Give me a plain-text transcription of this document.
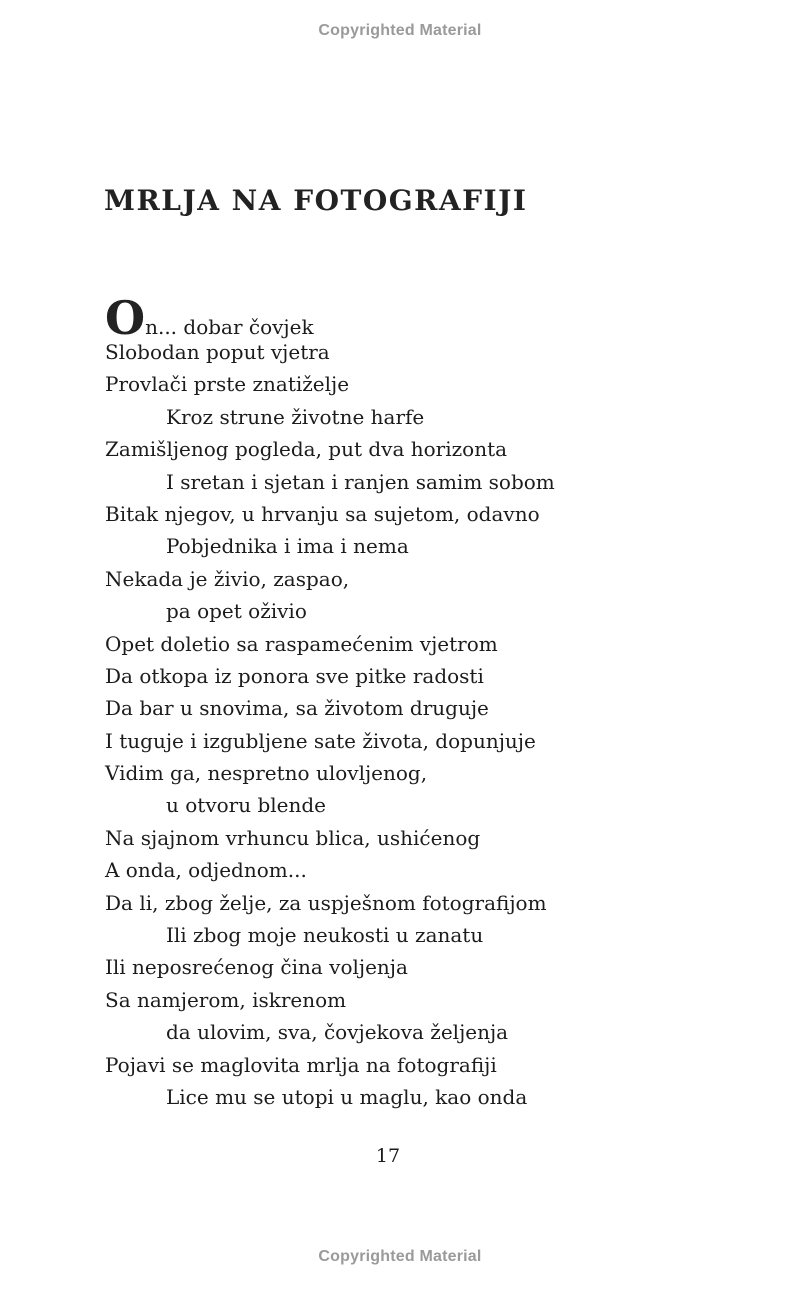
Copyrighted Material
MRLJA NA FOTOGRAFIJI
On... dobar čovjek
Slobodan poput vjetra
Provlači prste znatiželje
Kroz strune životne harfe
Zamišljenog pogleda, put dva horizonta
I sretan i sjetan i ranjen samim sobom
Bitak njegov, u hrvanju sa sujetom, odavno
Pobjednika i ima i nema
Nekada je živio, zaspao,
pa opet oživio
Opet doletio sa raspamećenim vjetrom
Da otkopa iz ponora sve pitke radosti
Da bar u snovima, sa životom druguje
I tuguje i izgubljene sate života, dopunjuje
Vidim ga, nespretno ulovljenog,
u otvoru blende
Na sjajnom vrhuncu blica, ushićenog
A onda, odjednom...
Da li, zbog želje, za uspješnom fotografijom
Ili zbog moje neukosti u zanatu
Ili neposrećenog čina voljenja
Sa namjerom, iskrenom
da ulovim, sva, čovjekova željenja
Pojavi se maglovita mrlja na fotografiji
Lice mu se utopi u maglu, kao onda
17
Copyrighted Material
